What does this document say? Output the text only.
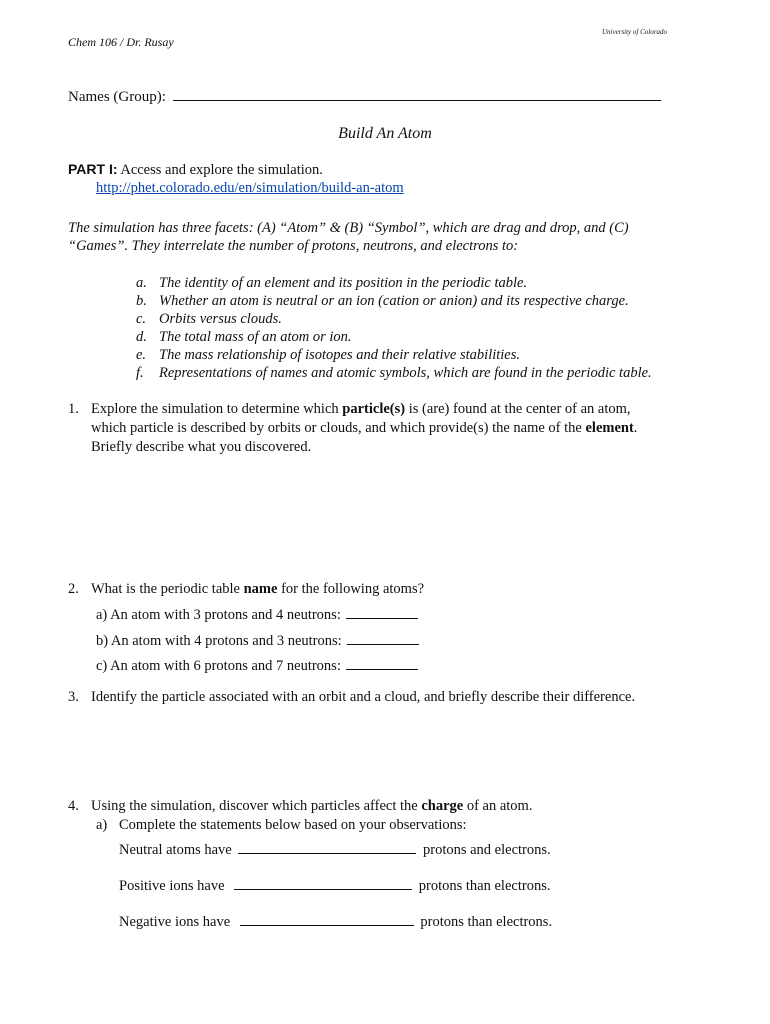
University of Colorado
Chem 106 / Dr. Rusay
Names (Group):
Build An Atom
PART I: Access and explore the simulation.
http://phet.colorado.edu/en/simulation/build-an-atom
The simulation has three facets: (A) “Atom” & (B) “Symbol”, which are drag and drop, and (C)
“Games”. They interrelate the number of protons, neutrons, and electrons to:
a. The identity of an element and its position in the periodic table.
b. Whether an atom is neutral or an ion (cation or anion) and its respective charge.
c. Orbits versus clouds.
d. The total mass of an atom or ion.
e. The mass relationship of isotopes and their relative stabilities.
f. Representations of names and atomic symbols, which are found in the periodic table.
1. Explore the simulation to determine which particle(s) is (are) found at the center of an atom,
which particle is described by orbits or clouds, and which provide(s) the name of the element.
Briefly describe what you discovered.
2. What is the periodic table name for the following atoms?
a) An atom with 3 protons and 4 neutrons:
b) An atom with 4 protons and 3 neutrons:
c) An atom with 6 protons and 7 neutrons:
3. Identify the particle associated with an orbit and a cloud, and briefly describe their difference.
4. Using the simulation, discover which particles affect the charge of an atom.
a) Complete the statements below based on your observations:
Neutral atoms have	protons and electrons.
Positive ions have	protons than electrons.
Negative ions have	protons than electrons.
